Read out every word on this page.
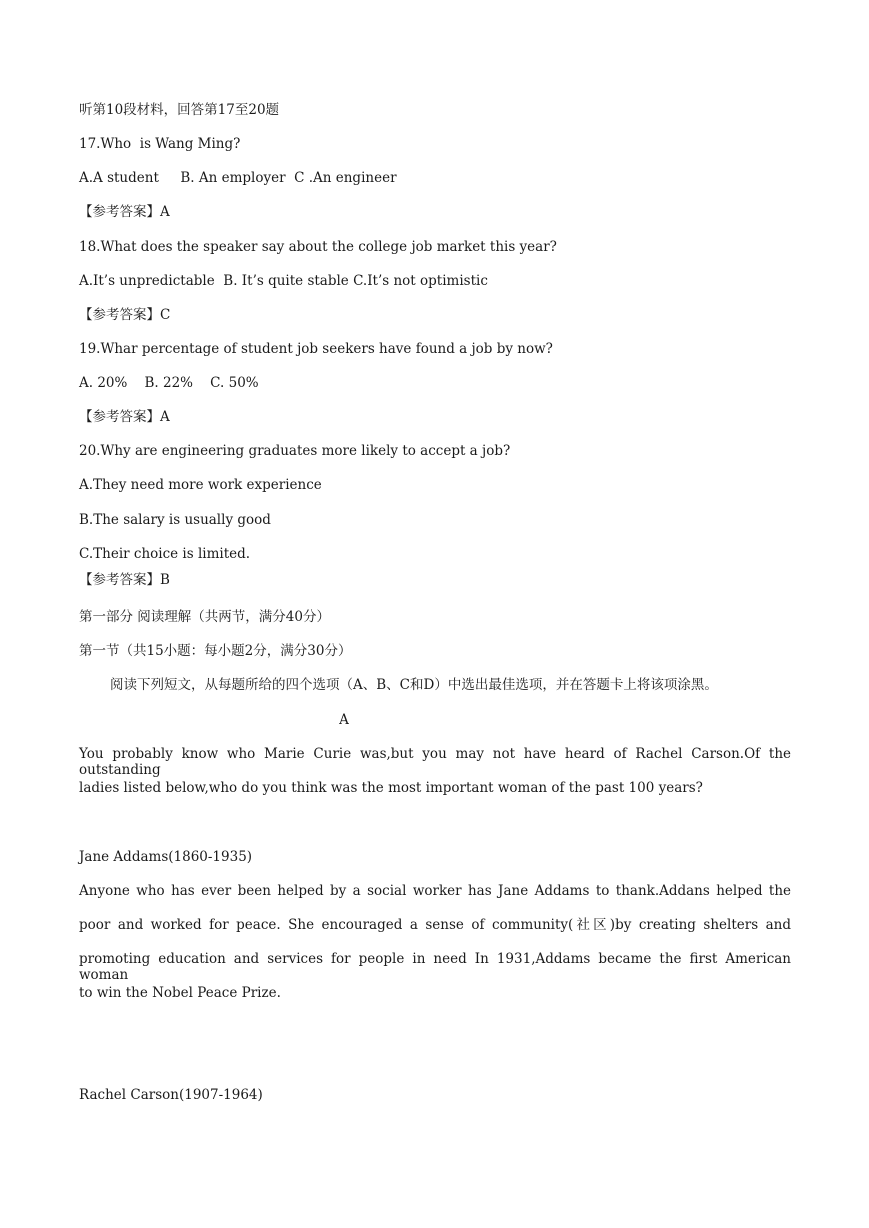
听第10段材料，回答第17至20题
17.Who  is Wang Ming?
A.A student     B. An employer  C .An engineer
【参考答案】A
18.What does the speaker say about the college job market this year?
A.It’s unpredictable  B. It’s quite stable C.It’s not optimistic
【参考答案】C
19.Whar percentage of student job seekers have found a job by now?
A. 20%    B. 22%    C. 50%
【参考答案】A
20.Why are engineering graduates more likely to accept a job?
A.They need more work experience
B.The salary is usually good
C.Their choice is limited.
【参考答案】B
第一部分 阅读理解（共两节，满分40分）
第一节（共15小题：每小题2分，满分30分）
阅读下列短文，从每题所给的四个选项（A、B、C和D）中选出最佳选项，并在答题卡上将该项涂黑。
A
You probably know who Marie Curie was,but you may not have heard of Rachel Carson.Of the outstanding
ladies listed below,who do you think was the most important woman of the past 100 years?
Jane Addams(1860-1935)
Anyone who has ever been helped by a social worker has Jane Addams to thank.Addans helped the
poor and worked for peace. She encouraged a sense of community(社区)by creating shelters and
promoting education and services for people in need In 1931,Addams became the first American woman
to win the Nobel Peace Prize.
Rachel Carson(1907-1964)
